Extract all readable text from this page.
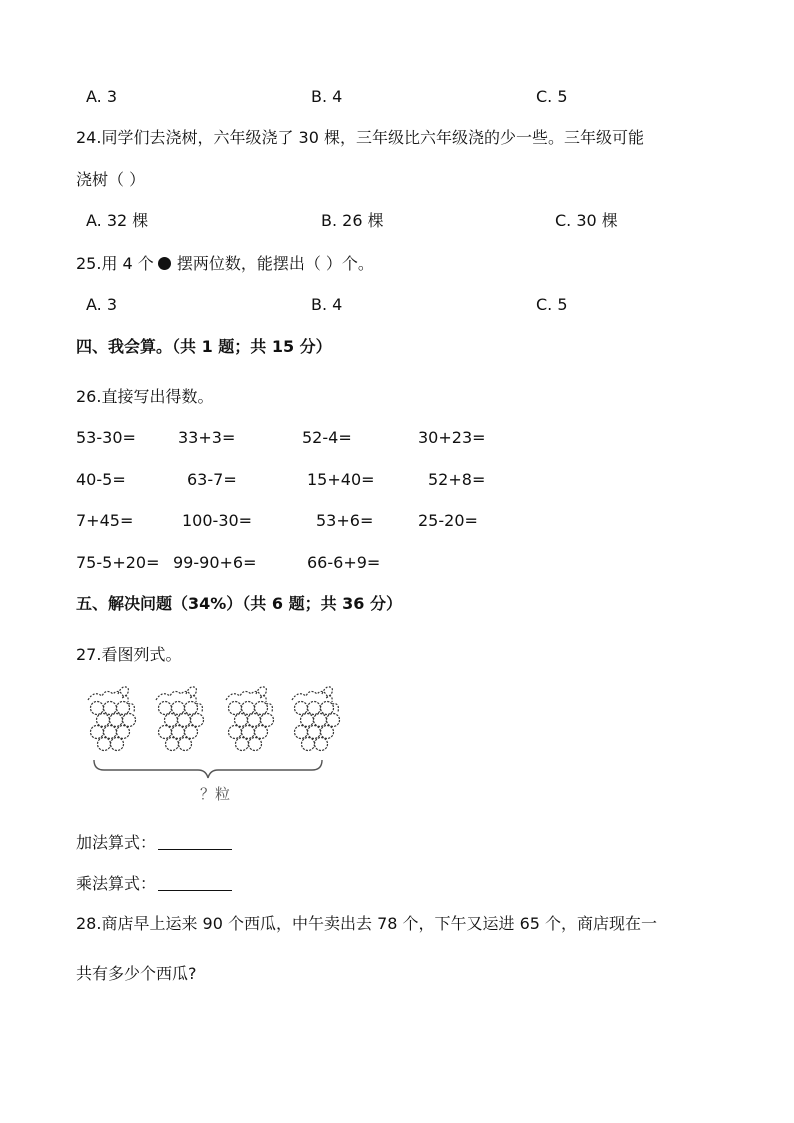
A. 3	B. 4	C. 5
24.同学们去浇树，六年级浇了 30 棵，三年级比六年级浇的少一些。三年级可能
浇树（ ）
A. 32 棵	B. 26 棵	C. 30 棵
25.用 4 个 摆两位数，能摆出（ ）个。
A. 3	B. 4	C. 5
四、我会算。（共 1 题；共 15 分）
26.直接写出得数。
53-30=	33+3=	52-4=	30+23=
40-5=	63-7=	15+40=	52+8=
7+45=	100-30=	53+6=	25-20=
75-5+20= 99-90+6=	66-6+9=
五、解决问题（34%）（共 6 题；共 36 分）
27.看图列式。
？粒
加法算式：
乘法算式：
28.商店早上运来 90 个西瓜，中午卖出去 78 个，下午又运进 65 个，商店现在一
共有多少个西瓜?
